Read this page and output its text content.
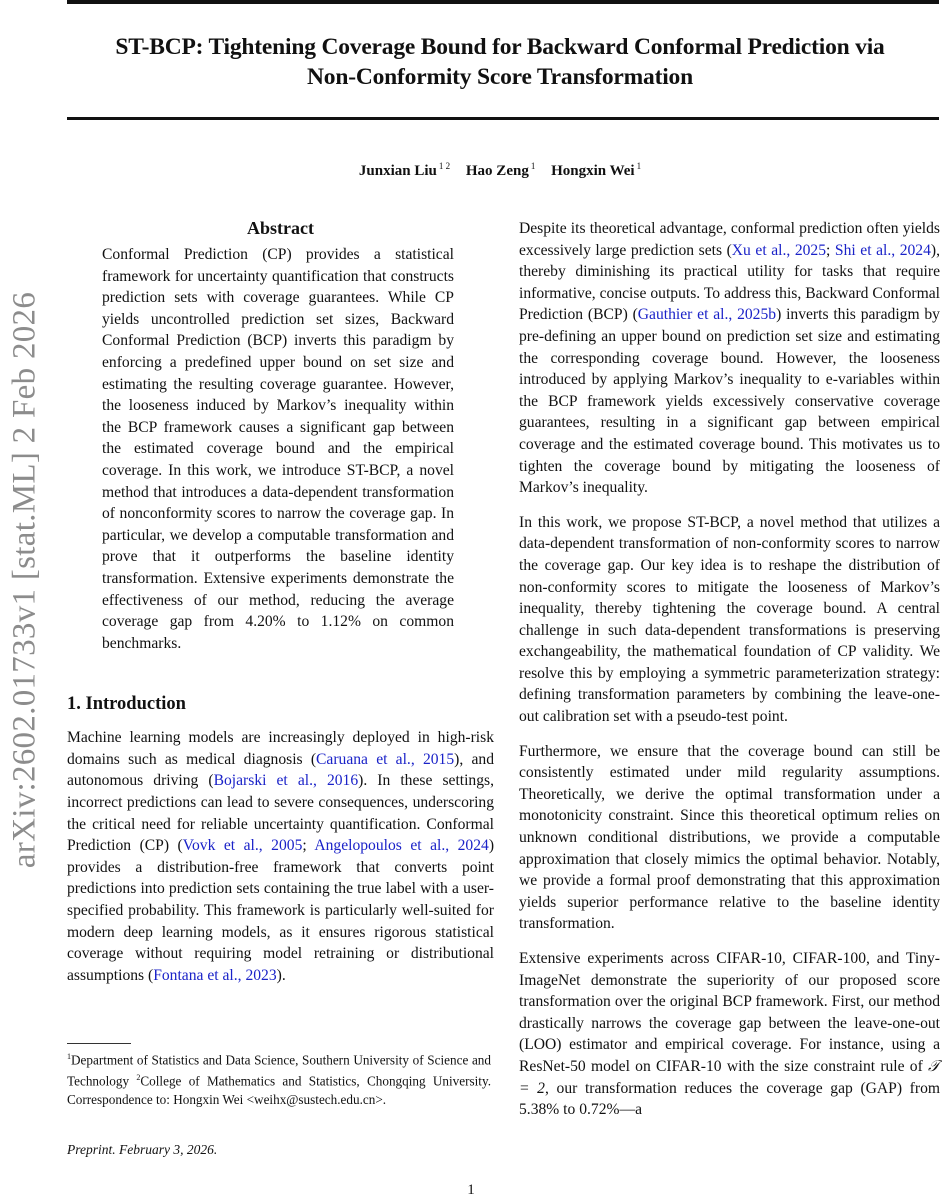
ST-BCP: Tightening Coverage Bound for Backward Conformal Prediction via
Non-Conformity Score Transformation
Junxian Liu $^{1 2}$ Hao Zeng $^1$ Hongxin Wei $^1$
arXiv:2602.01733v1 [stat.ML] 2 Feb 2026
Abstract

Conformal Prediction (CP) provides a statistical framework for uncertainty quantification that constructs prediction sets with coverage guarantees. While CP yields uncontrolled prediction set sizes, Backward Conformal Prediction (BCP) inverts this paradigm by enforcing a predefined upper bound on set size and estimating the resulting coverage guarantee. However, the looseness induced by Markov’s inequality within the BCP framework causes a significant gap between the estimated coverage bound and the empirical coverage. In this work, we introduce ST-BCP, a novel method that introduces a data-dependent transformation of nonconformity scores to narrow the coverage gap. In particular, we develop a computable transformation and prove that it outperforms the baseline identity transformation. Extensive experiments demonstrate the effectiveness of our method, reducing the average coverage gap from 4.20% to 1.12% on common benchmarks.

1. Introduction

Machine learning models are increasingly deployed in high-risk domains such as medical diagnosis (Caruana et al., 2015), and autonomous driving (Bojarski et al., 2016). In these settings, incorrect predictions can lead to severe consequences, underscoring the critical need for reliable uncertainty quantification. Conformal Prediction (CP) (Vovk et al., 2005; Angelopoulos et al., 2024) provides a distribution-free framework that converts point predictions into prediction sets containing the true label with a user-specified probability. This framework is particularly well-suited for modern deep learning models, as it ensures rigorous statistical coverage without requiring model retraining or distributional assumptions (Fontana et al., 2023).

Despite its theoretical advantage, conformal prediction often yields excessively large prediction sets (Xu et al., 2025; Shi et al., 2024), thereby diminishing its practical utility for tasks that require informative, concise outputs. To address this, Backward Conformal Prediction (BCP) (Gauthier et al., 2025b) inverts this paradigm by pre-defining an upper bound on prediction set size and estimating the corresponding coverage bound. However, the looseness introduced by applying Markov’s inequality to e-variables within the BCP framework yields excessively conservative coverage guarantees, resulting in a significant gap between empirical coverage and the estimated coverage bound. This motivates us to tighten the coverage bound by mitigating the looseness of Markov’s inequality.

In this work, we propose ST-BCP, a novel method that utilizes a data-dependent transformation of non-conformity scores to narrow the coverage gap. Our key idea is to reshape the distribution of non-conformity scores to mitigate the looseness of Markov’s inequality, thereby tightening the coverage bound. A central challenge in such data-dependent transformations is preserving exchangeability, the mathematical foundation of CP validity. We resolve this by employing a symmetric parameterization strategy: defining transformation parameters by combining the leave-one-out calibration set with a pseudo-test point.

Furthermore, we ensure that the coverage bound can still be consistently estimated under mild regularity assumptions. Theoretically, we derive the optimal transformation under a monotonicity constraint. Since this theoretical optimum relies on unknown conditional distributions, we provide a computable approximation that closely mimics the optimal behavior. Notably, we provide a formal proof demonstrating that this approximation yields superior performance relative to the baseline identity transformation.

Extensive experiments across CIFAR-10, CIFAR-100, and Tiny-ImageNet demonstrate the superiority of our proposed score transformation over the original BCP framework. First, our method drastically narrows the coverage gap between the leave-one-out (LOO) estimator and empirical coverage. For instance, using a ResNet-50 model on CIFAR-10 with the size constraint rule of 𝒯 = 2, our transformation reduces the coverage gap (GAP) from 5.38% to 0.72%—a

$^1$Department of Statistics and Data Science, Southern University of Science and Technology $^2$College of Mathematics and Statistics, Chongqing University. Correspondence to: Hongxin Wei <weihx@sustech.edu.cn>.
Preprint. February 3, 2026.
1
